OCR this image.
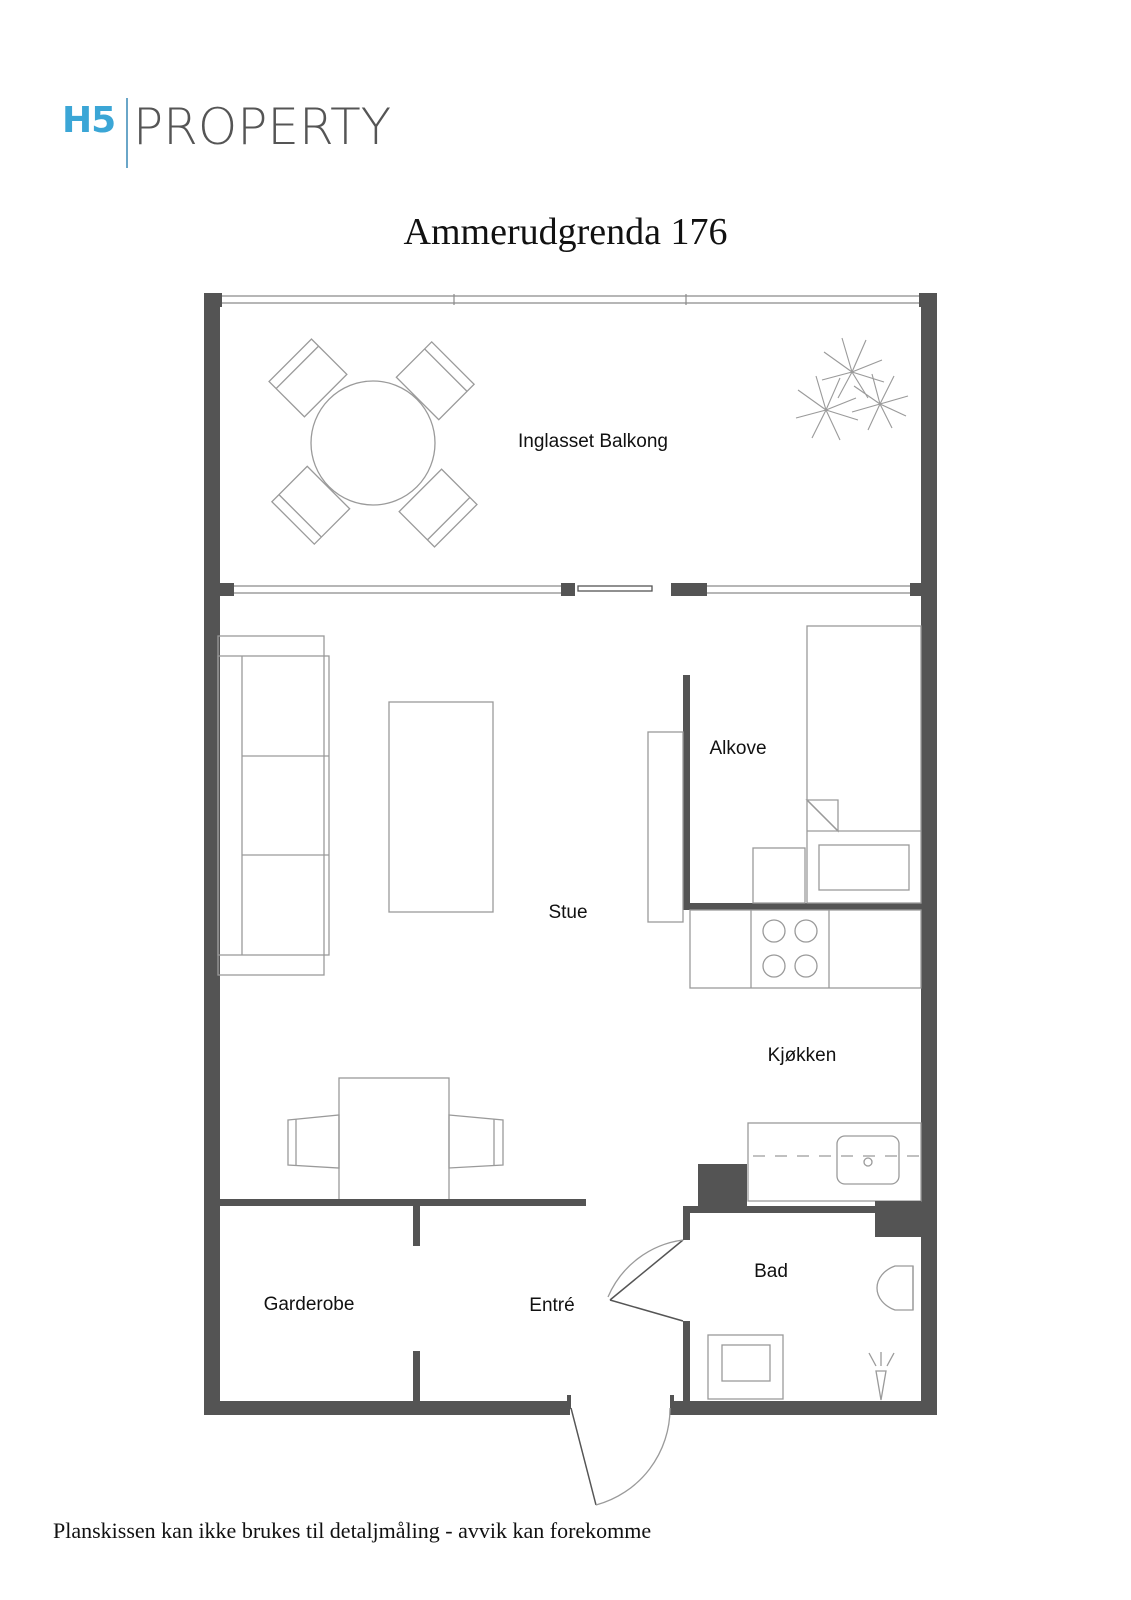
H5 PROPERTY
Ammerudgrenda 176
Inglasset Balkong
Alkove
Stue
Kjøkken
Bad
Garderobe	Entré
Planskissen kan ikke brukes til detaljmåling - avvik kan forekomme
